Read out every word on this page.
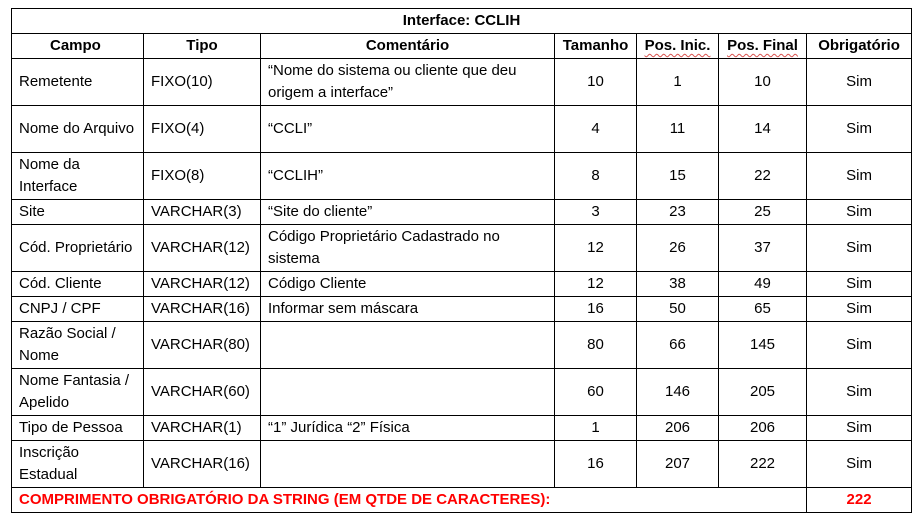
Interface: CCLIH						
Campo	Tipo	Comentário	Tamanho	Pos. Inic.	Pos. Final	Obrigatório
Remetente	FIXO(10)	“Nome do sistema ou cliente que deu origem a interface”	10	1	10	Sim
Nome do Arquivo	FIXO(4)	“CCLI”	4	11	14	Sim
Nome da Interface	FIXO(8)	“CCLIH”	8	15	22	Sim
Site	VARCHAR(3)	“Site do cliente”	3	23	25	Sim
Cód. Proprietário	VARCHAR(12)	Código Proprietário Cadastrado no sistema	12	26	37	Sim
Cód. Cliente	VARCHAR(12)	Código Cliente	12	38	49	Sim
CNPJ / CPF	VARCHAR(16)	Informar sem máscara	16	50	65	Sim
Razão Social / Nome	VARCHAR(80)		80	66	145	Sim
Nome Fantasia / Apelido	VARCHAR(60)		60	146	205	Sim
Tipo de Pessoa	VARCHAR(1)	“1” Jurídica “2” Física	1	206	206	Sim
Inscrição Estadual	VARCHAR(16)		16	207	222	Sim
COMPRIMENTO OBRIGATÓRIO DA STRING (EM QTDE DE CARACTERES):						222
